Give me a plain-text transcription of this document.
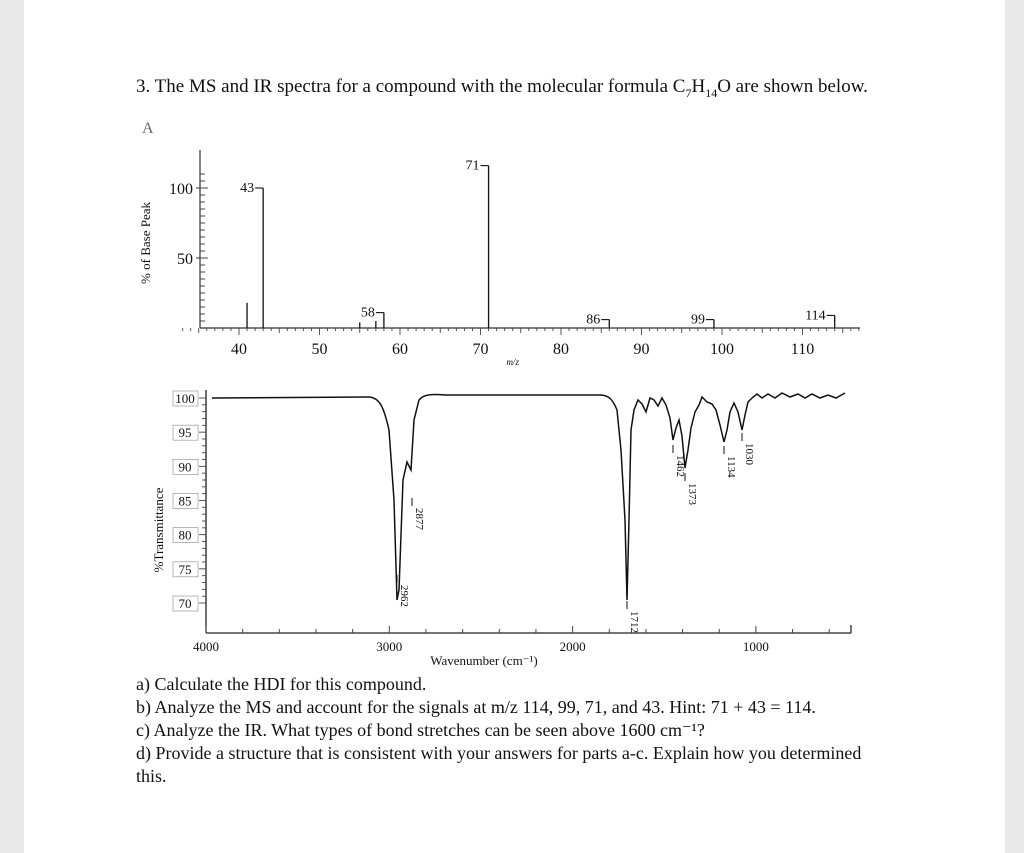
3. The MS and IR spectra for a compound with the molecular formula $C_7H_{14}O$ are shown below.
A

a) Calculate the HDI for this compound.

b) Analyze the MS and account for the signals at m/z 114, 99, 71, and 43. Hint: 71 + 43 = 114.

c) Analyze the IR. What types of bond stretches can be seen above 1600 cm⁻¹?

d) Provide a structure that is consistent with your answers for parts a-c. Explain how you determined this.

100
50
% of Base Peak
40	50	60	70	80	90	100	110
m/z
43
58
71
86	99	114
100
95
90
85
80
75
70
%Transmittance
4000	3000	2000	1000
Wavenumber (cm⁻¹)
2962
2877
1712
1462
1373
1134
1030
